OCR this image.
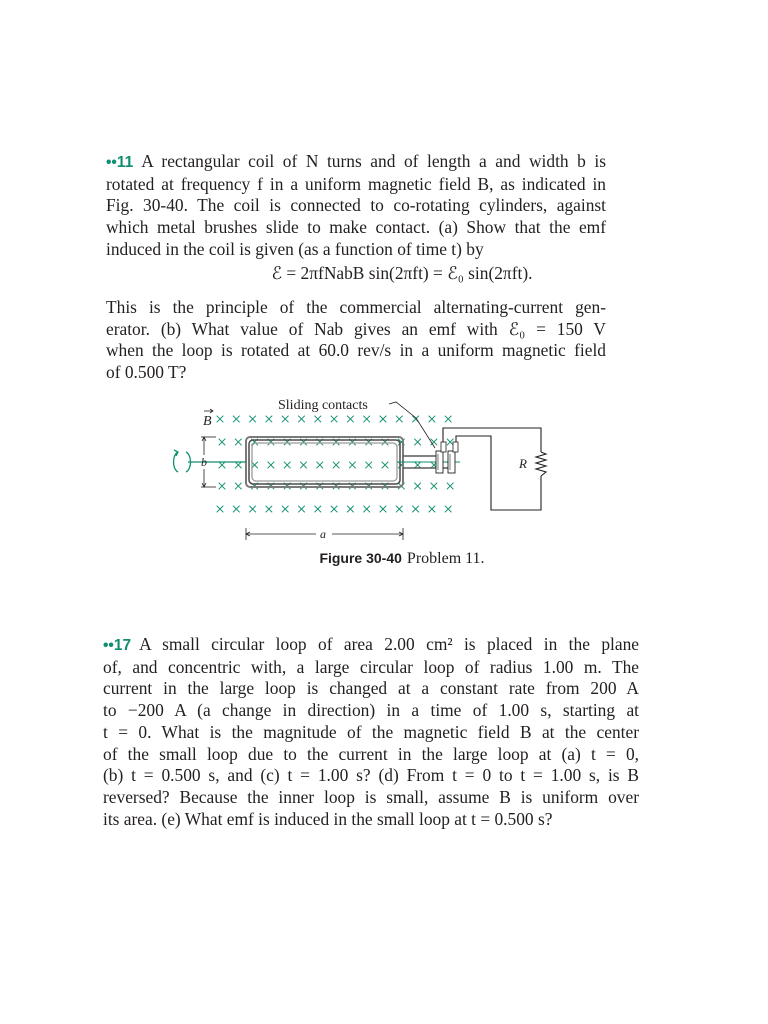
••11 A rectangular coil of N turns and of length a and width b is
rotated at frequency f in a uniform magnetic field B, as indicated in
Fig. 30-40. The coil is connected to co-rotating cylinders, against
which metal brushes slide to make contact. (a) Show that the emf
induced in the coil is given (as a function of time t) by
ℰ = 2πfNabB sin(2πft) = ℰ₀ sin(2πft).
This is the principle of the commercial alternating-current gen-
erator. (b) What value of Nab gives an emf with ℰ₀ = 150 V
when the loop is rotated at 60.0 rev/s in a uniform magnetic field
of 0.500 T?
Sliding contacts
B
b
a
R
Figure 30-40 Problem 11.
••17 A small circular loop of area 2.00 cm² is placed in the plane
of, and concentric with, a large circular loop of radius 1.00 m. The
current in the large loop is changed at a constant rate from 200 A
to −200 A (a change in direction) in a time of 1.00 s, starting at
t = 0. What is the magnitude of the magnetic field B at the center
of the small loop due to the current in the large loop at (a) t = 0,
(b) t = 0.500 s, and (c) t = 1.00 s? (d) From t = 0 to t = 1.00 s, is B
reversed? Because the inner loop is small, assume B is uniform over
its area. (e) What emf is induced in the small loop at t = 0.500 s?
